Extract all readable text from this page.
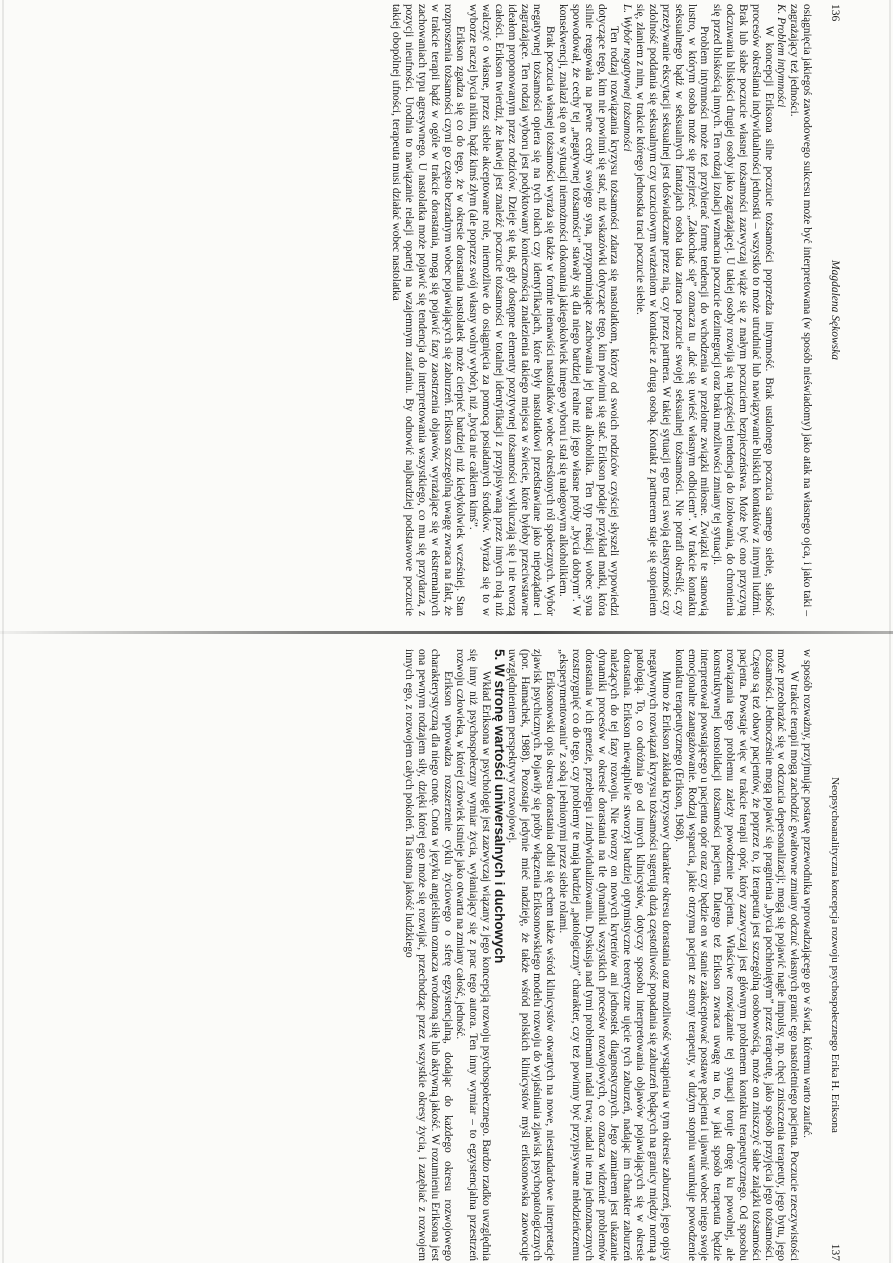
136
Magdalena Sękowska

osiągnięcia jakiegoś zawodowego sukcesu może być interpretowana (w sposób nieświadomy) jako atak na własnego ojca, i jako taki – zagrażający też jedności.

K. Problem intymności

W koncepcji Eriksona silne poczucie tożsamości poprzedza intymność. Brak ustalonego poczucia samego siebie, słabość procesów określania indywidualności jednostki – wszystko to może utrudniać lub nawiązywanie bliskich kontaktów z innymi ludźmi. Brak lub słabe poczucie własnej tożsamości zazwyczaj wiąże się z małym poczuciem bezpieczeństwa. Może być ono przyczyną odczuwania bliskości drugiej osoby jako zagrażającej. U takiej osoby rozwija się najczęściej tendencja do izolowania, do chronienia się przed bliskością innych. Ten rodzaj izolacji wzmacnia poczucie dezintegracji oraz braku możliwości zmiany tej sytuacji.

Problem intymności może też przybierać formę tendencji do wchodzenia w przelotne związki miłosne. Związki te stanowią lustro, w którym osoba może się przejrzeć. „Zakochać się” oznacza tu „dać się uwieść własnym odbiciem”. W trakcie kontaktu seksualnego bądź w seksualnych fantazjach osoba taka zatraca poczucie swojej seksualnej tożsamości. Nie potrafi określić, czy przeżywanie ekscytacji seksualnej jest doświadczane przez nią, czy przez partnera. W takiej sytuacji ego traci swoją elastyczność czy zdolność poddania się seksualnym czy uczuciowym wrażeniom w kontakcie z drugą osobą. Kontakt z partnerem staje się stopieniem się, złaniem z nim, w trakcie którego jednostka traci poczucie siebie.

L. Wybór negatywnej tożsamości

Ten rodzaj rozwiązania kryzysu tożsamości zdarza się nastolatkom, którzy od swoich rodziców czyściej słyszeli wypowiedzi dotyczące tego, kim nie powinni się stać, niż wskazówki dotyczące tego, kim powinni się stać. Erikson podaje przykład matki, która silnie reagowała na pewne cechy swojego syna, przypominające zachowania jej brata alkoholika. Ten typ reakcji wobec syna spowodował, że cechy tej „negatywnej tożsamości” stawały się dla niego bardziej realne niż jego własne próby „bycia dobrym”. W konsekwencji, znalazł się on w sytuacji niemożności dokonania jakiegokolwiek innego wyboru i stał się nałogowym alkoholikiem.

Brak poczucia własnej tożsamości wyraża się także w formie nienawiści nastolatków wobec określonych ról społecznych. Wybór negatywnej tożsamości opiera się na tych rolach czy identyfikacjach, które były nastolatkowi przedstawiane jako niepożądane i zagrażające. Ten rodzaj wyboru jest podyktowany koniecznością znalezienia takiego miejsca w świecie, które byłoby przeciwstawne ideałom proponowanym przez rodziców. Dzieje się tak, gdy dostępne elementy pozytywnej tożsamości wykluczają się i nie tworzą całości. Erikson twierdzi, że łatwiej jest znaleźć poczucie tożsamości w totalnej identyfikacji z przypisywaną przez innych rolą niż walczyć o własne, przez siebie akceptowane role, niemożliwe do osiągnięcia za pomocą posiadanych środków. Wyraża się to w wyborze raczej bycia nikim, bądź kimś złym (ale poprzez swój własny wolny wybór), niż „bycia nie całkiem kimś”.

Erikson zgadza się co do tego, że w okresie dorastania nastolatek może cierpieć bardziej niż kiedykolwiek wcześniej. Stan rozproszenia tożsamości czyni go często bezradnym wobec pojawiających się zaburzeń. Erikson szczególną uwagę zwraca na fakt, że w trakcie terapii bądź w ogóle w trakcie dorastania, mogą się pojawić fazy zaostrzenia objawów, wyrażające się w ekstremalnych zachowaniach typu agresywnego. U nastolatka może pojawić się tendencja do interpretowania wszystkiego, co mu się przydarza, z pozycji nieufności. Urodnia to nawiązanie relacji opartej na wzajemnym zaufaniu. By odnowić najbardziej podstawowe poczucie takiej obopólnej ufności, terapeuta musi działać wobec nastolatka

Neopsychoanalityczna koncepcja rozwoju psychospołecznego Erika H. Eriksona
137

w sposób rozważny, przyjmując postawę przewodnika wprowadzającego go w świat, któremu warto zaufać.

W trakcie terapii mogą zachodzić gwałtowne zmiany odczuć własnych granic ego nastoletniego pacjenta. Poczucie rzeczywistości może przeobrażać się w odczucia depersonalizacji; mogą się pojawić nagłe impulsy, np. chęci zniszczenia terapeuty, jego bytu, jego tożsamości. Jednocześnie mogą pojawić się pragnienia „bycia pochłoniętym” przez terapeutę, jako sposób przyjęcia jego tożsamości. Często są też obawy pacjentów, że poprzez to, iż terapeuta jest szczególną osobowością, może on zniszczyć słabe zalążki tożsamości pacjenta. Powstaje więc w trakcie terapii opór, który zazwyczaj jest głównym problemem kontaktu terapeutycznego. Od sposobu rozwiązania tego problemu zależy powodzenie pacjenta. Właściwe rozwiązanie tej sytuacji toruje drogę ku powolnej, ale konstruktywnej konsolidacji tożsamości pacjenta. Dlatego też Erikson zwraca uwagę na to, w jaki sposób terapeuta będzie interpretował powstającego u pacjenta opór oraz czy będzie on w stanie zaakceptować postawę pacjenta i ujawnić wobec niego swoje emocjonalne zaangażowanie. Rodzaj wsparcia, jakie otrzyma pacjent ze strony terapeuty, w dużym stopniu warunkuje powodzenie kontaktu terapeutycznego (Erikson, 1968).

Mimo że Erikson zakłada kryzysowy charakter okresu dorastania oraz możliwość wystąpienia w tym okresie zaburzeń, jego opisy negatywnych rozwiązań kryzysu tożsamości sugerują dużą częstotliwość popadania się zaburzeń będących na granicy między normą a patologią. To, co odróżnia go od innych klinicystów, dotyczy sposobu interpretowania objawów pojawiających się w okresie dorastania. Erikson niewątpliwie stworzył bardziej optymistyczne teoretyczne ujęcie tych zaburzeń, nadając im charakter zaburzeń należących do tej fazy rozwoju. Nie tworzy on nowych kryteriów ani jednostek diagnostycznych. Jego zamiarem jest ukazanie dynamiki procesów w okresie dorastania na tle dynamiki wszystkich procesów rozwojowych, co oznacza widzenie problemów dorastania w ich genezie, przebiegu i zindywidualizowaniu. Dyskusja nad tymi problemami nadal trwa; nadal nie ma jednoznacznych rozstrzygnięć co do tego, czy problemy te mają bardziej „patologiczny” charakter, czy też powinny być przypisywane młodzieńczemu „eksperymentowaniu” z sobą i pełnionymi przez siebie rolami.

Eriksonowski opis okresu dorastania odbił się echem także wśród klinicystów otwartych na nowe, niestandardowe interpretacje zjawisk psychicznych. Pojawiły się próby włączenia Eriksonowskiego modelu rozwoju do wyjaśniania zjawisk psychopatologicznych (por. Hamachek, 1988). Pozostaje jedynie mieć nadzieję, że także wśród polskich klinicystów myśl eriksonowska zaowocuje uwzględnieniem perspektywy rozwojowej.

5. W stronę wartości uniwersalnych i duchowych

Wkład Eriksona w psychologię jest zazwyczaj wiązany z jego koncepcją rozwoju psychospołecznego. Bardzo rzadko uwzględnia się inny niż psychospołeczny wymiar życia, wyłaniający się z prac tego autora. Ten inny wymiar – to egzystencjalna przestrzeń rozwoju człowieka, w której człowiek istnieje jako otwarta na zmiany całość, jedność.

Erikson wprowadza rozszerzenie cyklu życiowego o sferę egzystencjalną, dodając do każdego okresu rozwojowego charakterystyczną dla niego cnotę. Cnota w języku angielskim oznacza wrodzoną siłę lub aktywną jakość. W rozumieniu Eriksona jest ona pewnym rodzajem siły, dzięki której ego może się rozwijać, przechodząc przez wszystkie okresy życia, i zazębiać z rozwojem innych ego, z rozwojem całych pokoleń. Ta istotna jakość ludzkiego
